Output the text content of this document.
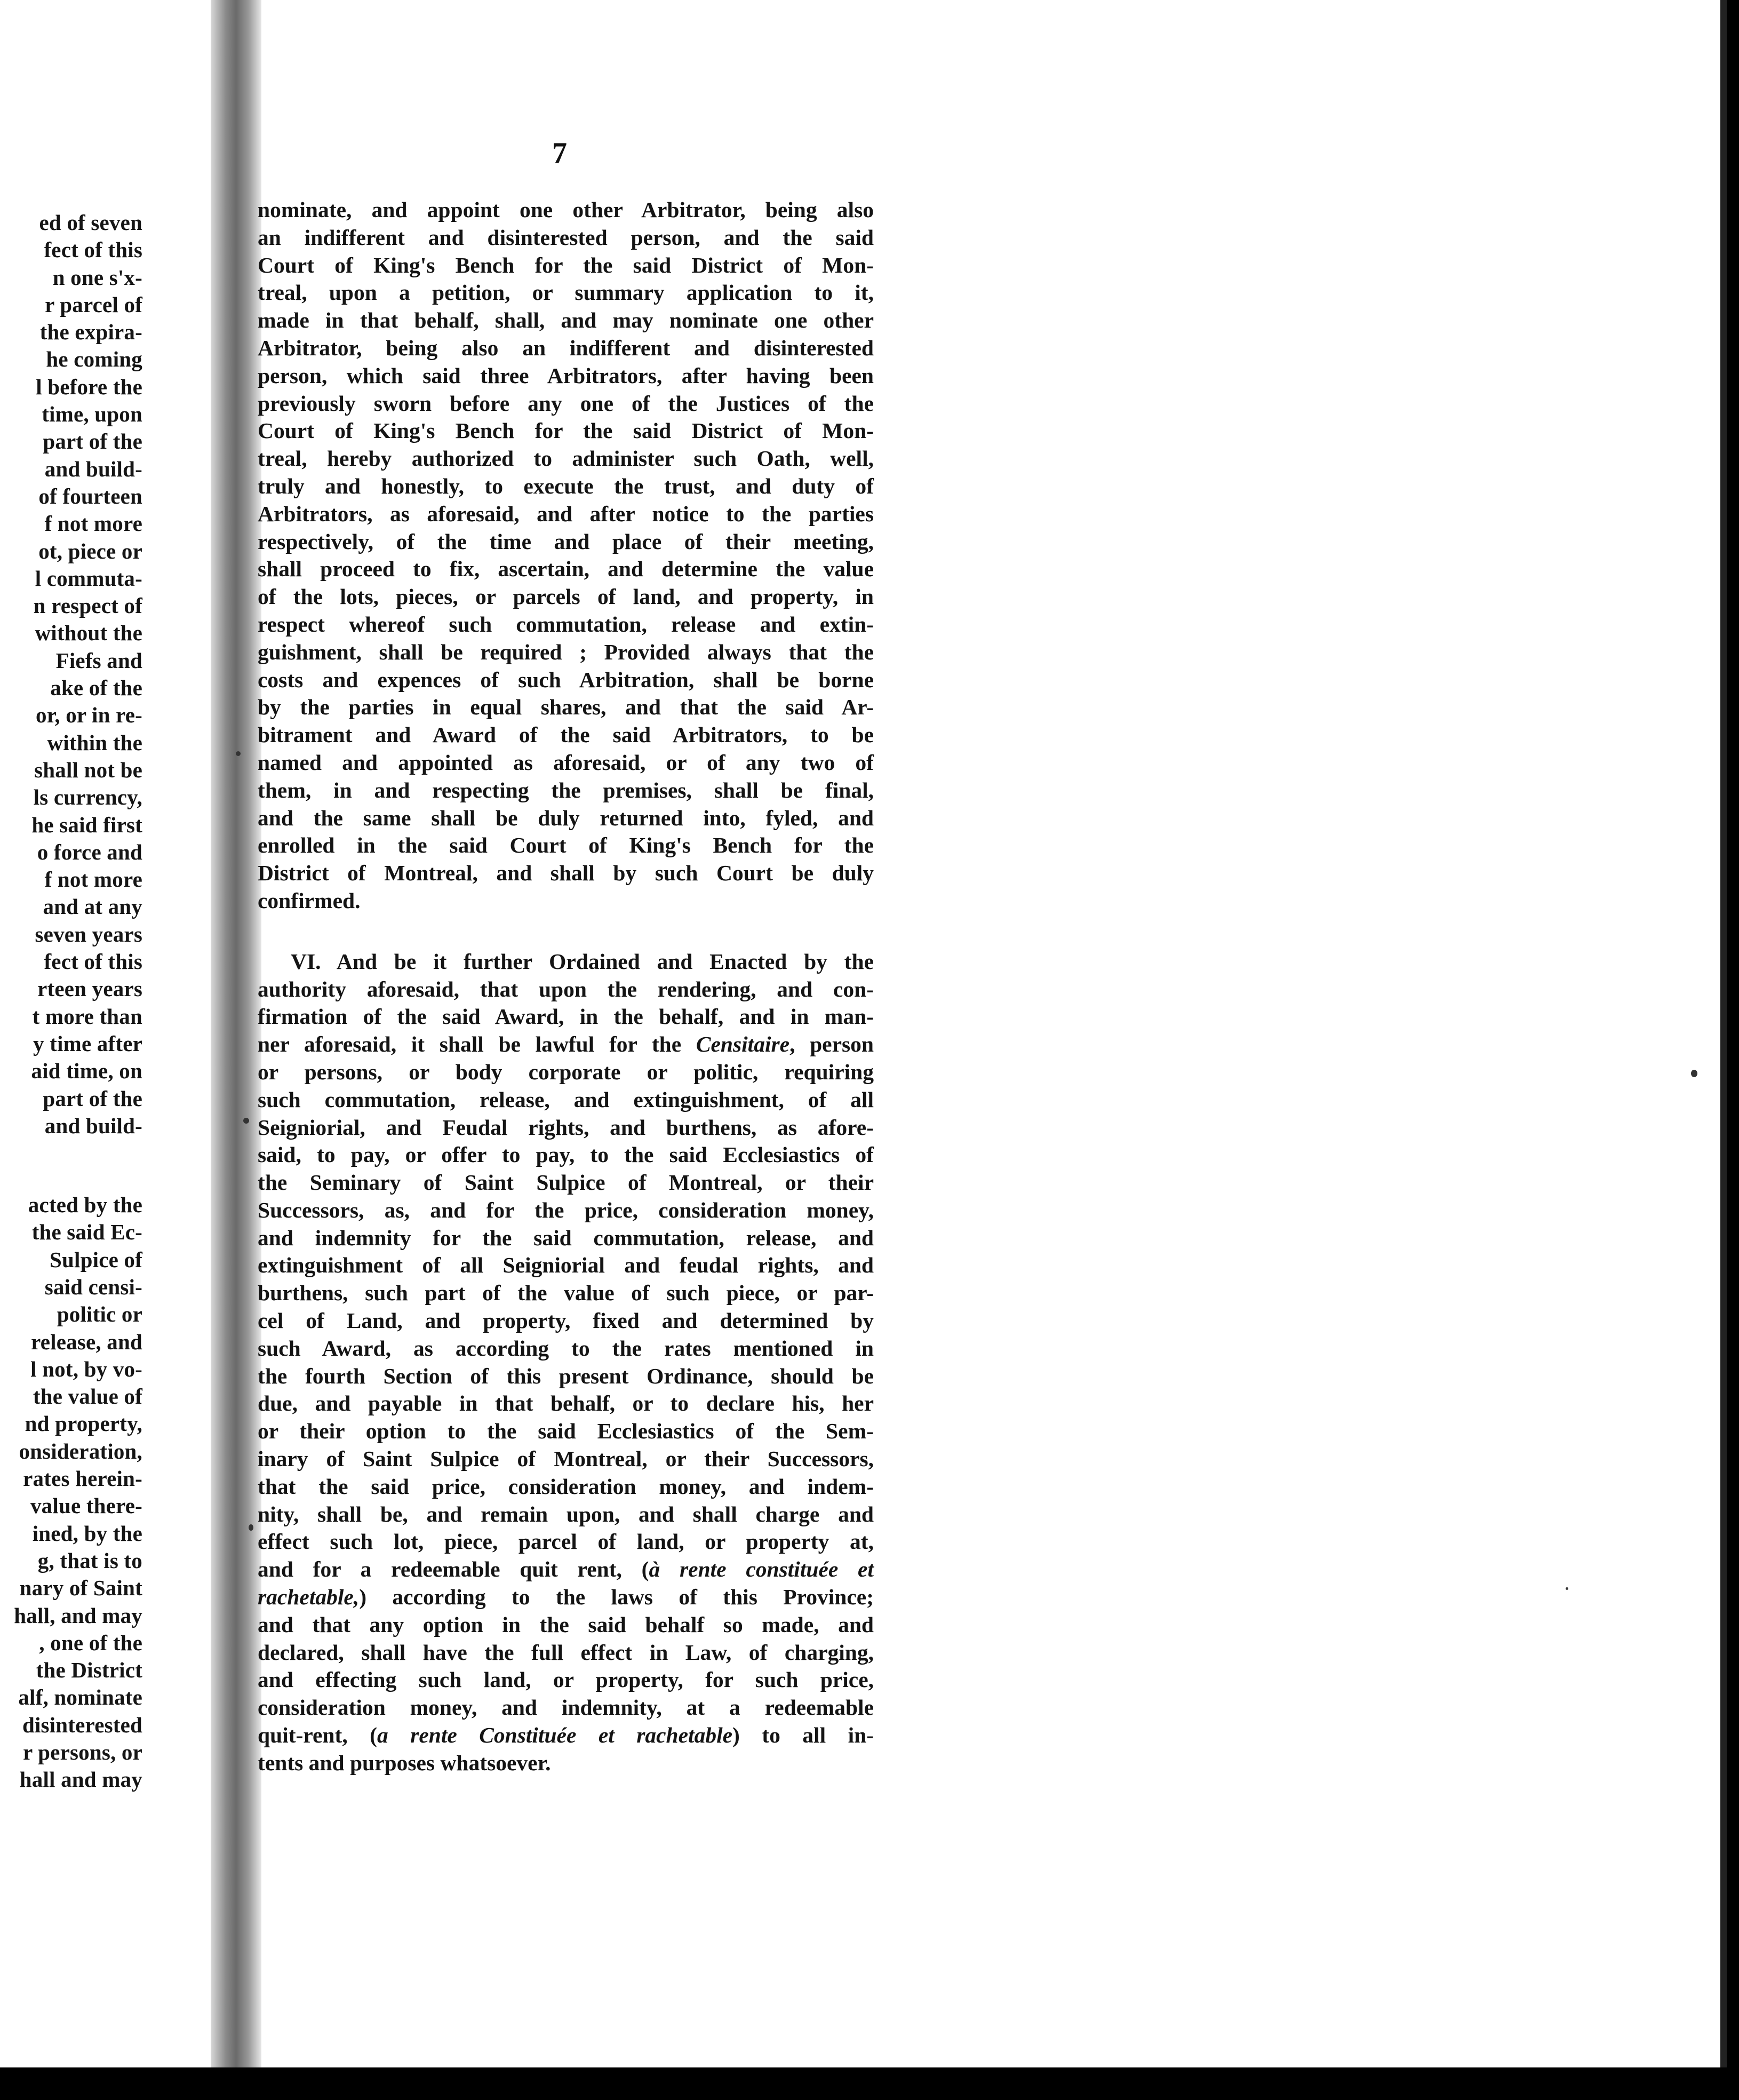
ed of seven
fect of this
n one s'x-
r parcel of
the expira-
he coming
l before the
time, upon
part of the
and build-
of fourteen
f not more
ot, piece or
l commuta-
n respect of
without the
Fiefs and
ake of the
or, or in re-
within the
shall not be
ls currency,
he said first
o force and
f not more
and at any
seven years
fect of this
rteen years
t more than
y time after
aid time, on
part of the
and build-
acted by the
the said Ec-
Sulpice of
said censi-
politic or
release, and
l not, by vo-
the value of
nd property,
onsideration,
rates herein-
value there-
ined, by the
g, that is to
nary of Saint
hall, and may
, one of the
the District
alf, nominate
disinterested
r persons, or
hall and may
7
nominate, and appoint one other Arbitrator, being also
an indifferent and disinterested person, and the said
Court of King's Bench for the said District of Mon-
treal, upon a petition, or summary application to it,
made in that behalf, shall, and may nominate one other
Arbitrator, being also an indifferent and disinterested
person, which said three Arbitrators, after having been
previously sworn before any one of the Justices of the
Court of King's Bench for the said District of Mon-
treal, hereby authorized to administer such Oath, well,
truly and honestly, to execute the trust, and duty of
Arbitrators, as aforesaid, and after notice to the parties
respectively, of the time and place of their meeting,
shall proceed to fix, ascertain, and determine the value
of the lots, pieces, or parcels of land, and property, in
respect whereof such commutation, release and extin-
guishment, shall be required ; Provided always that the
costs and expences of such Arbitration, shall be borne
by the parties in equal shares, and that the said Ar-
bitrament and Award of the said Arbitrators, to be
named and appointed as aforesaid, or of any two of
them, in and respecting the premises, shall be final,
and the same shall be duly returned into, fyled, and
enrolled in the said Court of King's Bench for the
District of Montreal, and shall by such Court be duly
confirmed.
VI. And be it further Ordained and Enacted by the
authority aforesaid, that upon the rendering, and con-
firmation of the said Award, in the behalf, and in man-
ner aforesaid, it shall be lawful for the Censitaire, person
or persons, or body corporate or politic, requiring
such commutation, release, and extinguishment, of all
Seigniorial, and Feudal rights, and burthens, as afore-
said, to pay, or offer to pay, to the said Ecclesiastics of
the Seminary of Saint Sulpice of Montreal, or their
Successors, as, and for the price, consideration money,
and indemnity for the said commutation, release, and
extinguishment of all Seigniorial and feudal rights, and
burthens, such part of the value of such piece, or par-
cel of Land, and property, fixed and determined by
such Award, as according to the rates mentioned in
the fourth Section of this present Ordinance, should be
due, and payable in that behalf, or to declare his, her
or their option to the said Ecclesiastics of the Sem-
inary of Saint Sulpice of Montreal, or their Successors,
that the said price, consideration money, and indem-
nity, shall be, and remain upon, and shall charge and
effect such lot, piece, parcel of land, or property at,
and for a redeemable quit rent, (à rente constituée et
rachetable,) according to the laws of this Province;
and that any option in the said behalf so made, and
declared, shall have the full effect in Law, of charging,
and effecting such land, or property, for such price,
consideration money, and indemnity, at a redeemable
quit-rent, (a rente Constituée et rachetable) to all in-
tents and purposes whatsoever.
